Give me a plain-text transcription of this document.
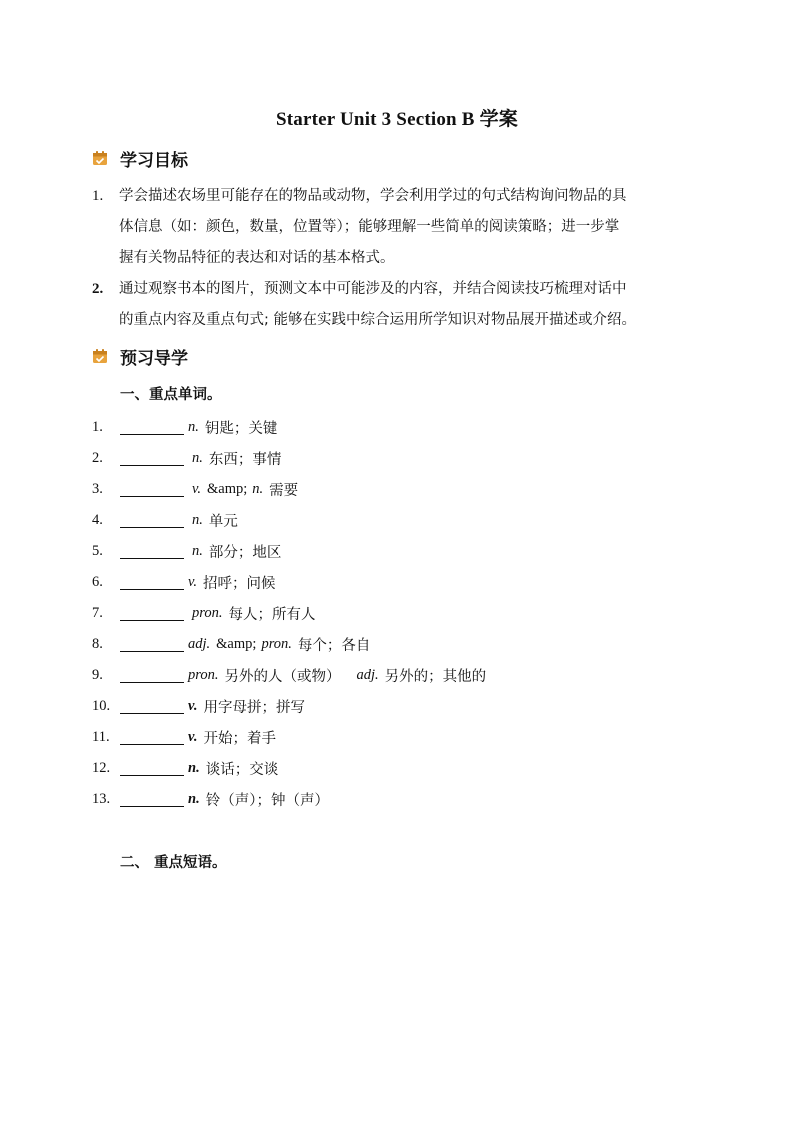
Starter Unit 3 Section B 学案
学习目标
1.	学会描述农场里可能存在的物品或动物，学会利用学过的句式结构询问物品的具
体信息（如：颜色，数量，位置等）；能够理解一些简单的阅读策略；进一步掌
握有关物品特征的表达和对话的基本格式。
2.	通过观察书本的图片，预测文本中可能涉及的内容，并结合阅读技巧梳理对话中
的重点内容及重点句式; 能够在实践中综合运用所学知识对物品展开描述或介绍。
预习导学
一、重点单词。
1.	n. 钥匙；关键
2.	n. 东西；事情
3.	v. &amp; n. 需要
4.	n. 单元
5.	n. 部分；地区
6.	v. 招呼；问候
7.	pron. 每人；所有人
8.	adj. &amp; pron. 每个；各自
9.	pron. 另外的人（或物） adj. 另外的；其他的
10.	v. 用字母拼；拼写
11.	v. 开始；着手
12.	n. 谈话；交谈
13.	n. 铃（声）；钟（声）
二、 重点短语。
